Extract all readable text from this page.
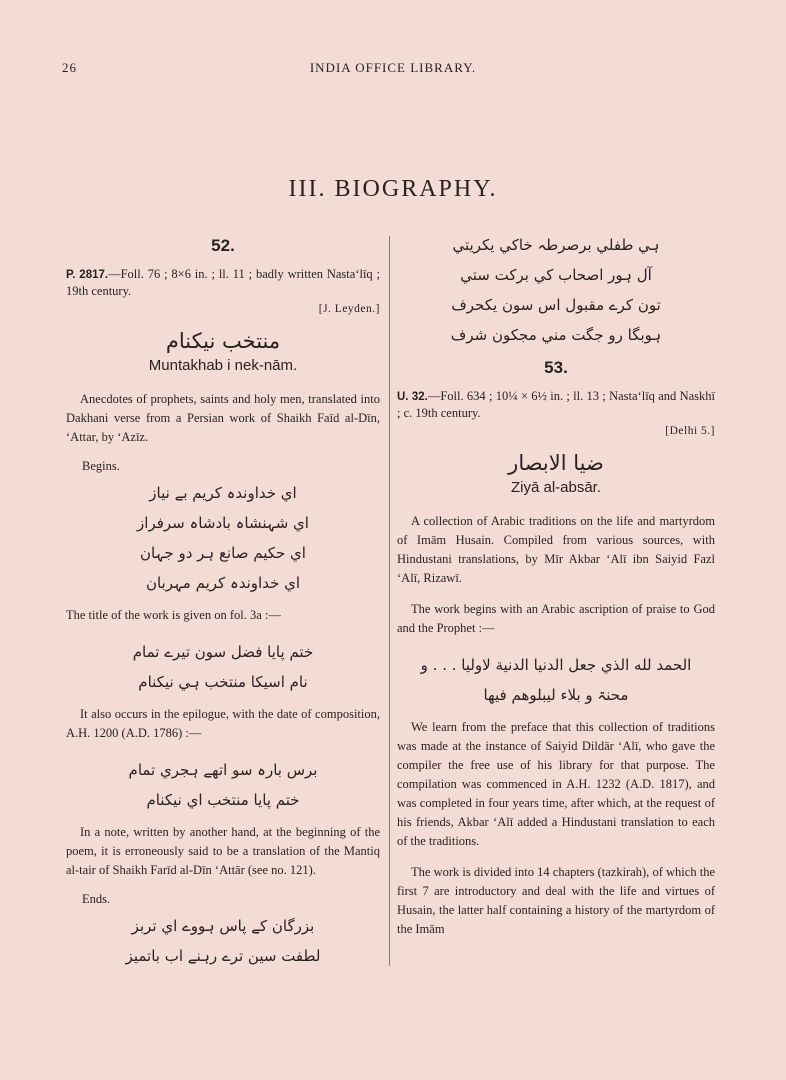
26	INDIA OFFICE LIBRARY.
III. BIOGRAPHY.
52.
P. 2817.—Foll. 76 ; 8×6 in. ; ll. 11 ; badly written Nasta‘līq ; 19th century.
[J. Leyden.]
منتخب نیکنام
Muntakhab i nek-nām.

Anecdotes of prophets, saints and holy men, translated into Dakhani verse from a Persian work of Shaikh Faīd al-Dīn, ‘Attar, by ‘Azīz.

Begins.
اي خداوندہ کریم بے نیاز
اي شہنشاہ بادشاہ سرفراز
اي حکیم صانع ہر دو جہان
اي خداوندہ کریم مہربان

The title of the work is given on fol. 3a :—

ختم پایا فضل سون تیرے تمام
نام اسیکا منتخب ہي نیکنام

It also occurs in the epilogue, with the date of composition, A.H. 1200 (A.D. 1786) :—

برس بارہ سو اتھے ہجري تمام
ختم پایا منتخب اي نیکنام

In a note, written by another hand, at the beginning of the poem, it is erroneously said to be a translation of the Mantiq al-tair of Shaikh Farīd al-Dīn ‘Attār (see no. 121).

Ends.
بزرگان کے پاس ہووے اي تربز
لطفت سين ترے رہنے اب باتمیز
ہي طفلي برصرطہ خاکي یکریتي
آل ہور اصحاب کي برکت ستي
تون کرے مقبول اس سون یکحرف
ہوبگا رو جگت مني مجکون شرف
53.
U. 32.—Foll. 634 ; 10¼ × 6½ in. ; ll. 13 ; Nasta‘līq and Naskhī ; c. 19th century.
[Delhi 5.]
ضيا الابصار
Ziyā al-absār.

A collection of Arabic traditions on the life and martyrdom of Imām Husain. Compiled from various sources, with Hindustani translations, by Mīr Akbar ‘Alī ibn Saiyid Fazl ‘Alī, Rizawī.

The work begins with an Arabic ascription of praise to God and the Prophet :—

الحمد لله الذي جعل الدنيا الدنية لاوليا . . . و
محنۃ و بلاء ليبلوهم فيها

We learn from the preface that this collection of traditions was made at the instance of Saiyid Dildār ‘Alī, who gave the compiler the free use of his library for that purpose. The compilation was commenced in A.H. 1232 (A.D. 1817), and was completed in four years time, after which, at the request of his friends, Akbar ‘Alī added a Hindustani translation to each of the traditions.

The work is divided into 14 chapters (tazkirah), of which the first 7 are introductory and deal with the life and virtues of Husain, the latter half containing a history of the martyrdom of the Imām
